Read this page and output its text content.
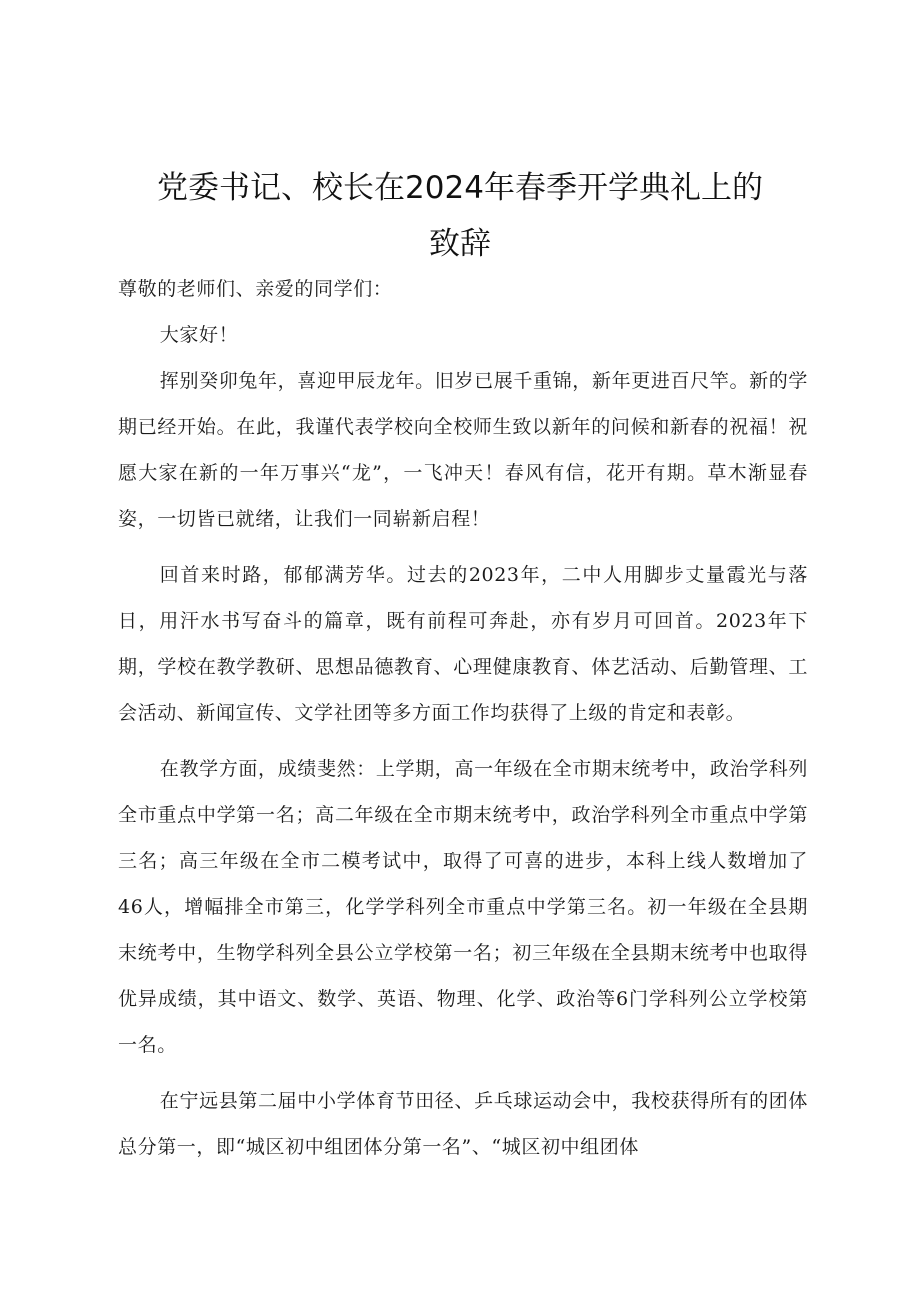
党委书记、校长在2024年春季开学典礼上的
致辞

尊敬的老师们、亲爱的同学们：

大家好！

挥别癸卯兔年，喜迎甲辰龙年。旧岁已展千重锦，新年更进百尺竿。新的学期已经开始。在此，我谨代表学校向全校师生致以新年的问候和新春的祝福！祝愿大家在新的一年万事兴“龙”，一飞冲天！春风有信，花开有期。草木渐显春姿，一切皆已就绪，让我们一同崭新启程！

回首来时路，郁郁满芳华。过去的2023年，二中人用脚步丈量霞光与落日，用汗水书写奋斗的篇章，既有前程可奔赴，亦有岁月可回首。2023年下期，学校在教学教研、思想品德教育、心理健康教育、体艺活动、后勤管理、工会活动、新闻宣传、文学社团等多方面工作均获得了上级的肯定和表彰。

在教学方面，成绩斐然：上学期，高一年级在全市期末统考中，政治学科列全市重点中学第一名；高二年级在全市期末统考中，政治学科列全市重点中学第三名；高三年级在全市二模考试中，取得了可喜的进步，本科上线人数增加了46人，增幅排全市第三，化学学科列全市重点中学第三名。初一年级在全县期末统考中，生物学科列全县公立学校第一名；初三年级在全县期末统考中也取得优异成绩，其中语文、数学、英语、物理、化学、政治等6门学科列公立学校第一名。

在宁远县第二届中小学体育节田径、乒乓球运动会中，我校获得所有的团体总分第一，即“城区初中组团体分第一名”、“城区初中组团体
